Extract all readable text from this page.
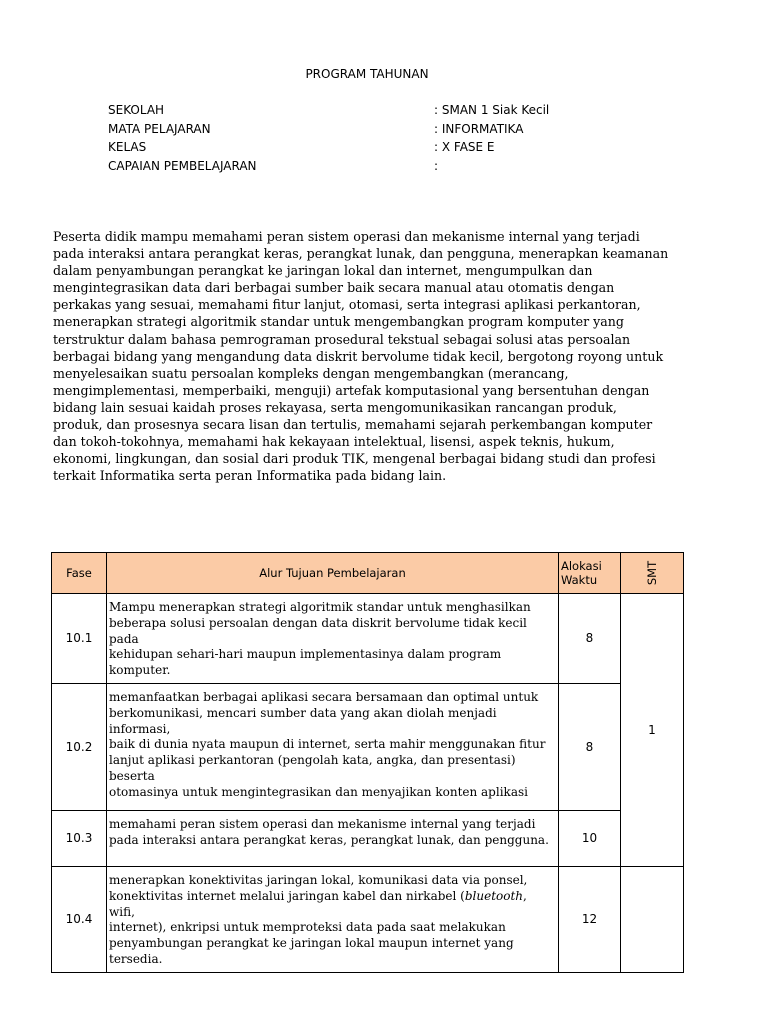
PROGRAM TAHUNAN
SEKOLAH	: SMAN 1 Siak Kecil
MATA PELAJARAN	: INFORMATIKA
KELAS	: X FASE E
CAPAIAN PEMBELAJARAN	:
Peserta didik mampu memahami peran sistem operasi dan mekanisme internal yang terjadi
pada interaksi antara perangkat keras, perangkat lunak, dan pengguna, menerapkan keamanan
dalam penyambungan perangkat ke jaringan lokal dan internet, mengumpulkan dan
mengintegrasikan data dari berbagai sumber baik secara manual atau otomatis dengan
perkakas yang sesuai, memahami fitur lanjut, otomasi, serta integrasi aplikasi perkantoran,
menerapkan strategi algoritmik standar untuk mengembangkan program komputer yang
terstruktur dalam bahasa pemrograman prosedural tekstual sebagai solusi atas persoalan
berbagai bidang yang mengandung data diskrit bervolume tidak kecil, bergotong royong untuk
menyelesaikan suatu persoalan kompleks dengan mengembangkan (merancang,
mengimplementasi, memperbaiki, menguji) artefak komputasional yang bersentuhan dengan
bidang lain sesuai kaidah proses rekayasa, serta mengomunikasikan rancangan produk,
produk, dan prosesnya secara lisan dan tertulis, memahami sejarah perkembangan komputer
dan tokoh-tokohnya, memahami hak kekayaan intelektual, lisensi, aspek teknis, hukum,
ekonomi, lingkungan, dan sosial dari produk TIK, mengenal berbagai bidang studi dan profesi
terkait Informatika serta peran Informatika pada bidang lain.
Fase	Alur Tujuan Pembelajaran	Alokasi
Waktu	SMT

10.1	Mampu menerapkan strategi algoritmik standar untuk menghasilkan
beberapa solusi persoalan dengan data diskrit bervolume tidak kecil pada
kehidupan sehari-hari maupun implementasinya dalam program
komputer.	8	1
10.2	memanfaatkan berbagai aplikasi secara bersamaan dan optimal untuk
berkomunikasi, mencari sumber data yang akan diolah menjadi informasi,
baik di dunia nyata maupun di internet, serta mahir menggunakan fitur
lanjut aplikasi perkantoran (pengolah kata, angka, dan presentasi) beserta
otomasinya untuk mengintegrasikan dan menyajikan konten aplikasi	8	
10.3	memahami peran sistem operasi dan mekanisme internal yang terjadi
pada interaksi antara perangkat keras, perangkat lunak, dan pengguna.	10	
10.4	menerapkan konektivitas jaringan lokal, komunikasi data via ponsel,
konektivitas internet melalui jaringan kabel dan nirkabel (bluetooth, wifi,
internet), enkripsi untuk memproteksi data pada saat melakukan
penyambungan perangkat ke jaringan lokal maupun internet yang
tersedia.	12	
